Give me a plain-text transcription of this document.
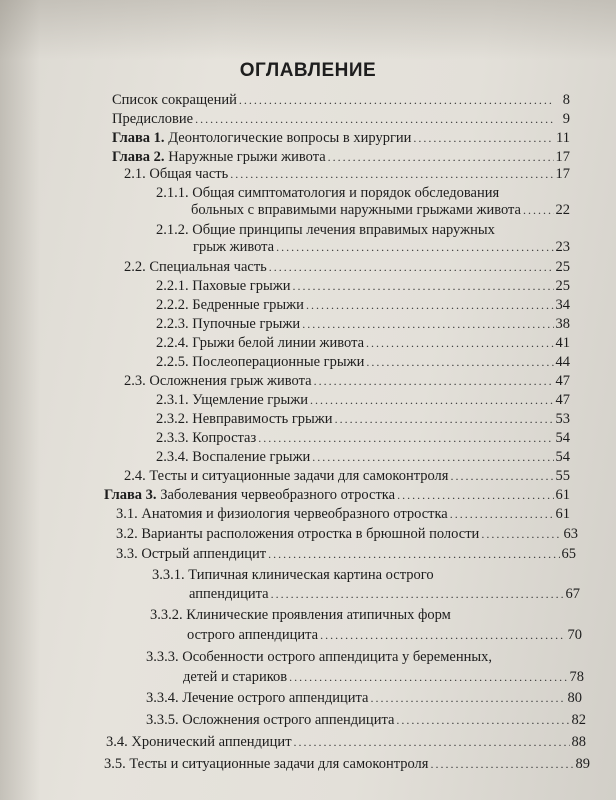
ОГЛАВЛЕНИЕ
Список сокращений .....	8
Предисловие .....	9
Глава 1. Деонтологические вопросы в хирургии .....	11
Глава 2. Наружные грыжи живота .....	17
2.1. Общая часть .....	17
2.1.1. Общая симптоматология и порядок обследования
больных с вправимыми наружными грыжами живота ..... 22
2.1.2. Общие принципы лечения вправимых наружных
грыж живота .....	23
2.2. Специальная часть .....	25
2.2.1. Паховые грыжи .....	25
2.2.2. Бедренные грыжи .....	34
2.2.3. Пупочные грыжи .....	38
2.2.4. Грыжи белой линии живота .....	41
2.2.5. Послеоперационные грыжи .....	44
2.3. Осложнения грыж живота .....	47
2.3.1. Ущемление грыжи .....	47
2.3.2. Невправимость грыжи .....	53
2.3.3. Копростаз .....	54
2.3.4. Воспаление грыжи .....	54
2.4. Тесты и ситуационные задачи для самоконтроля .....	55
Глава 3. Заболевания червеобразного отростка .....	61
3.1. Анатомия и физиология червеобразного отростка .....	61
3.2. Варианты расположения отростка в брюшной полости .....	63
3.3. Острый аппендицит .....	65
3.3.1. Типичная клиническая картина острого
аппендицита .....	67
3.3.2. Клинические проявления атипичных форм
острого аппендицита .....	70
3.3.3. Особенности острого аппендицита у беременных,
детей и стариков .....	78
3.3.4. Лечение острого аппендицита .....	80
3.3.5. Осложнения острого аппендицита .....	82
3.4. Хронический аппендицит .....	88
3.5. Тесты и ситуационные задачи для самоконтроля .....	89
